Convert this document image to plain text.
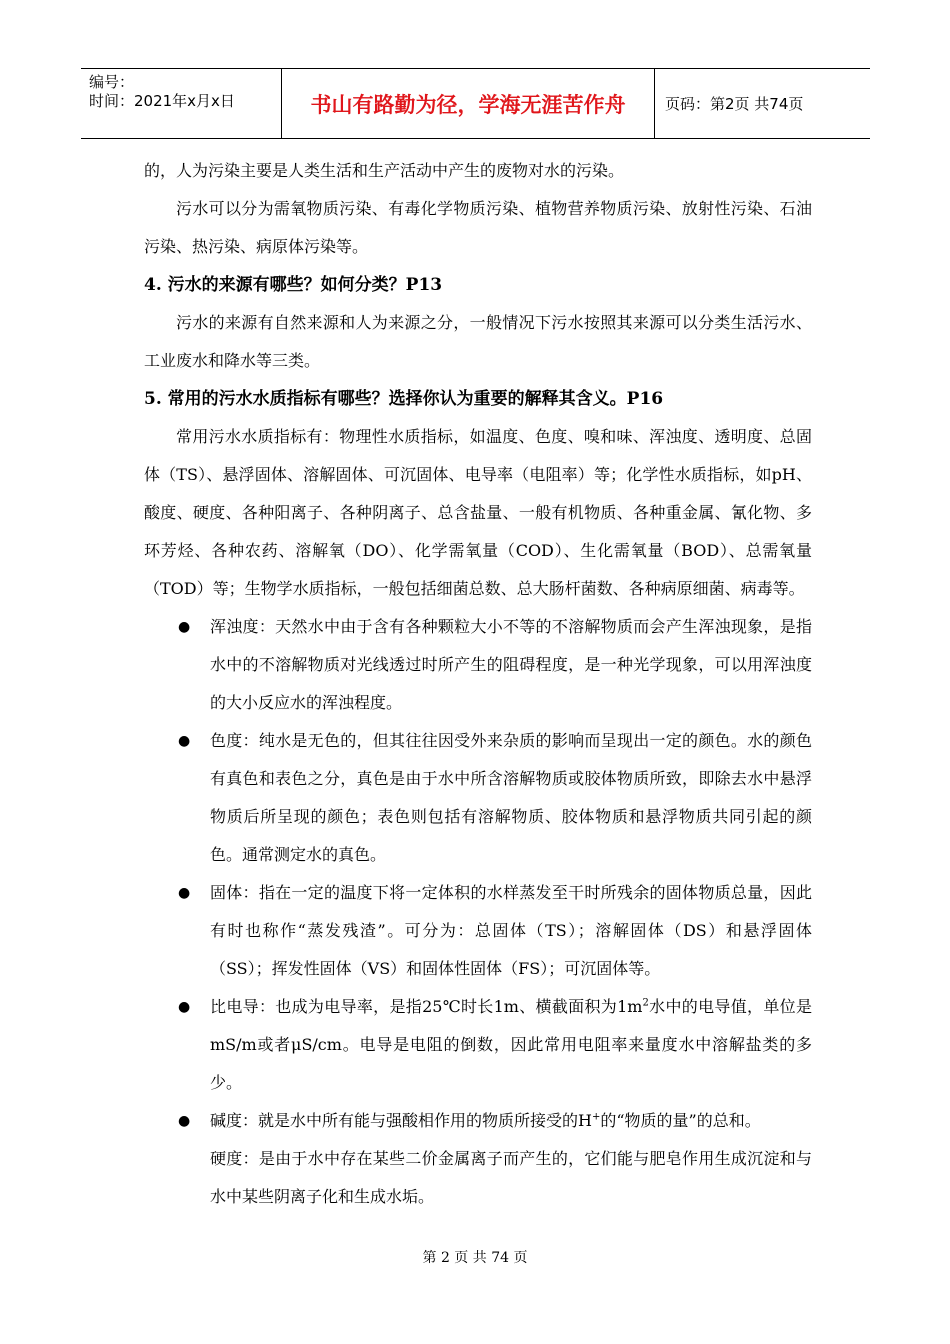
编号：
时间：2021年x月x日	书山有路勤为径，学海无涯苦作舟	页码：第2页 共74页

的，人为污染主要是人类生活和生产活动中产生的废物对水的污染。

污水可以分为需氧物质污染、有毒化学物质污染、植物营养物质污染、放射性污染、石油污染、热污染、病原体污染等。

4. 污水的来源有哪些？如何分类？P13

污水的来源有自然来源和人为来源之分，一般情况下污水按照其来源可以分类生活污水、工业废水和降水等三类。

5. 常用的污水水质指标有哪些？选择你认为重要的解释其含义。P16

常用污水水质指标有：物理性水质指标，如温度、色度、嗅和味、浑浊度、透明度、总固体（TS）、悬浮固体、溶解固体、可沉固体、电导率（电阻率）等；化学性水质指标，如pH、酸度、硬度、各种阳离子、各种阴离子、总含盐量、一般有机物质、各种重金属、氰化物、多环芳烃、各种农药、溶解氧（DO）、化学需氧量（COD）、生化需氧量（BOD）、总需氧量（TOD）等；生物学水质指标，一般包括细菌总数、总大肠杆菌数、各种病原细菌、病毒等。

● 浑浊度：天然水中由于含有各种颗粒大小不等的不溶解物质而会产生浑浊现象，是指水中的不溶解物质对光线透过时所产生的阻碍程度，是一种光学现象，可以用浑浊度的大小反应水的浑浊程度。
● 色度：纯水是无色的，但其往往因受外来杂质的影响而呈现出一定的颜色。水的颜色有真色和表色之分，真色是由于水中所含溶解物质或胶体物质所致，即除去水中悬浮物质后所呈现的颜色；表色则包括有溶解物质、胶体物质和悬浮物质共同引起的颜色。通常测定水的真色。
● 固体：指在一定的温度下将一定体积的水样蒸发至干时所残余的固体物质总量，因此有时也称作“蒸发残渣”。可分为：总固体（TS）；溶解固体（DS）和悬浮固体（SS）；挥发性固体（VS）和固体性固体（FS）；可沉固体等。
● 比电导：也成为电导率，是指25℃时长1m、横截面积为$1m^2$水中的电导值，单位是mS/m或者μS/cm。电导是电阻的倒数，因此常用电阻率来量度水中溶解盐类的多少。
● 碱度：就是水中所有能与强酸相作用的物质所接受的H+的“物质的量”的总和。
硬度：是由于水中存在某些二价金属离子而产生的，它们能与肥皂作用生成沉淀和与水中某些阴离子化和生成水垢。
第 2 页 共 74 页
